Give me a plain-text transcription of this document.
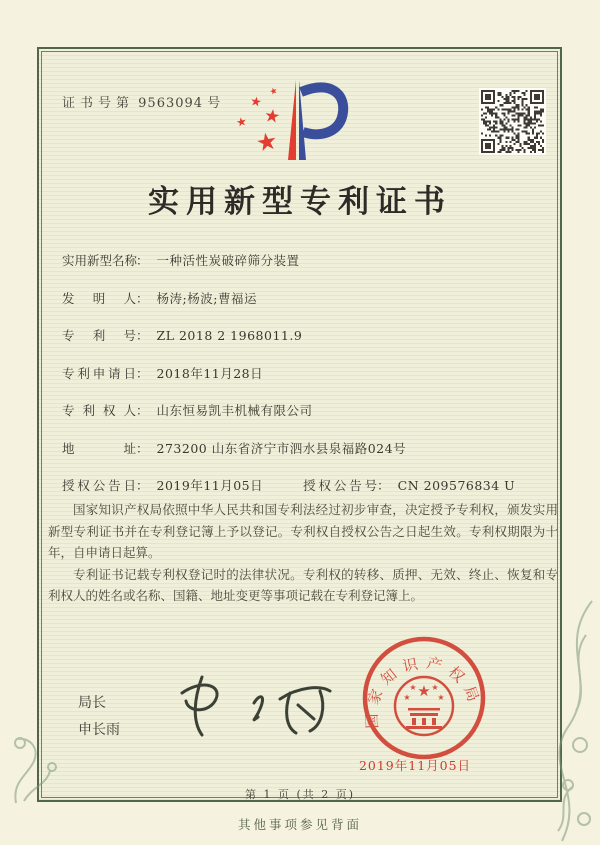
证书号第 9563094 号
★
★
★
★
★
实用新型专利证书
实用新型名称： 一种活性炭破碎筛分装置
发明人： 杨涛;杨波;曹福运
专利号： ZL 2018 2 1968011.9
专利申请日： 2018年11月28日
专利权人： 山东恒易凯丰机械有限公司
地址： 273200 山东省济宁市泗水县泉福路024号
授权公告日： 2019年11月05日	授权公告号： CN 209576834 U

国家知识产权局依照中华人民共和国专利法经过初步审查，决定授予专利权，颁发实用新型专利证书并在专利登记簿上予以登记。专利权自授权公告之日起生效。专利权期限为十年，自申请日起算。

专利证书记载专利权登记时的法律状况。专利权的转移、质押、无效、终止、恢复和专利权人的姓名或名称、国籍、地址变更等事项记载在专利登记簿上。

局长
申长雨
国家知识产权局
★
★
★ ★
★
2019年11月05日
第 1 页 (共 2 页)
其他事项参见背面
